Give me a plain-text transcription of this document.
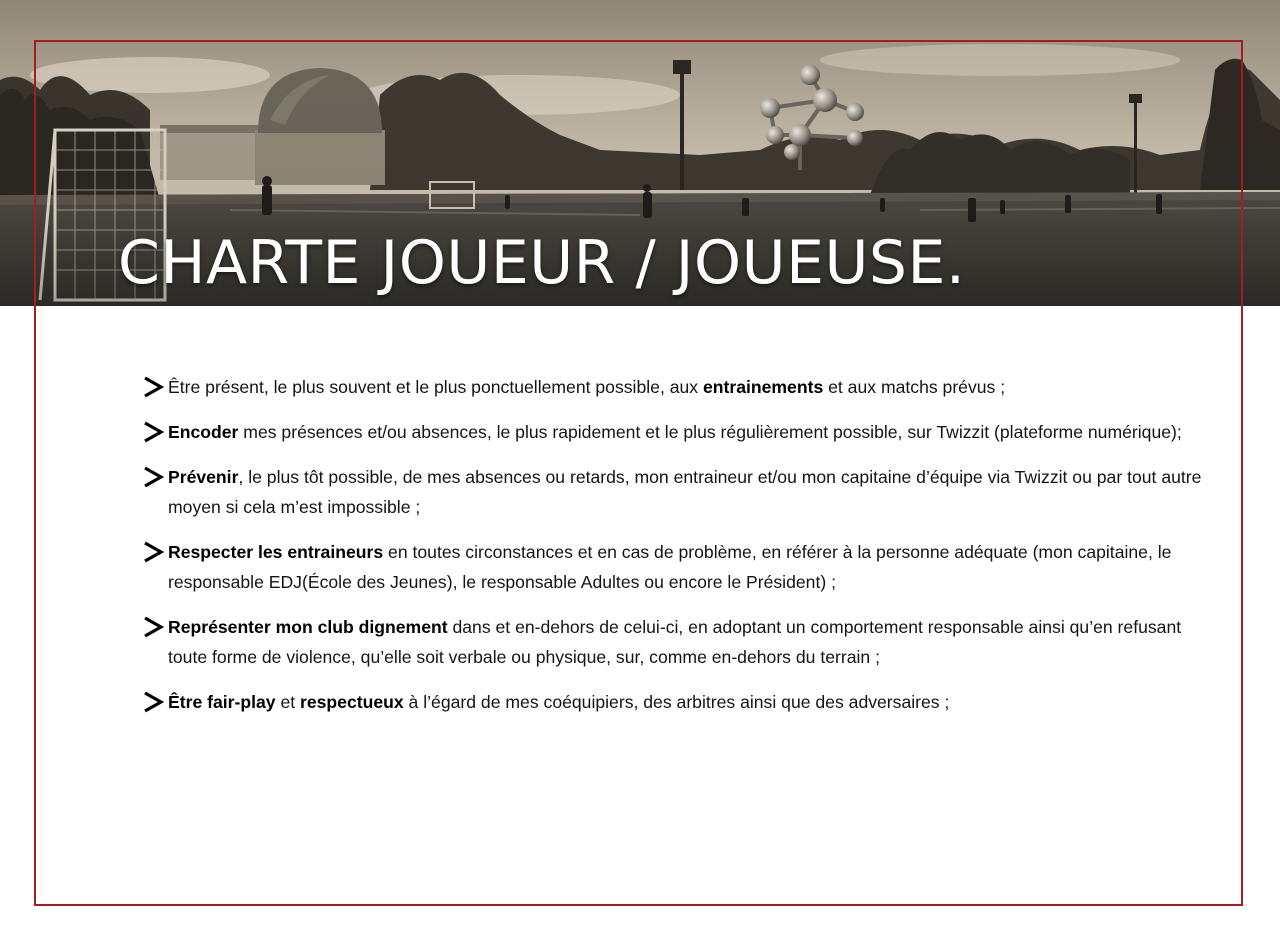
CHARTE JOUEUR / JOUEUSE.
Être présent, le plus souvent et le plus ponctuellement possible, aux entrainements et aux matchs prévus ;
Encoder mes présences et/ou absences, le plus rapidement et le plus régulièrement possible, sur Twizzit (plateforme numérique);
Prévenir, le plus tôt possible, de mes absences ou retards, mon entraineur et/ou mon capitaine d’équipe via Twizzit ou par tout autre moyen si cela m’est impossible ;
Respecter les entraineurs en toutes circonstances et en cas de problème, en référer à la personne adéquate (mon capitaine, le responsable EDJ(École des Jeunes), le responsable Adultes ou encore le Président) ;
Représenter mon club dignement dans et en-dehors de celui-ci, en adoptant un comportement responsable ainsi qu’en refusant toute forme de violence, qu’elle soit verbale ou physique, sur, comme en-dehors du terrain ;
Être fair-play et respectueux à l’égard de mes coéquipiers, des arbitres ainsi que des adversaires ;
